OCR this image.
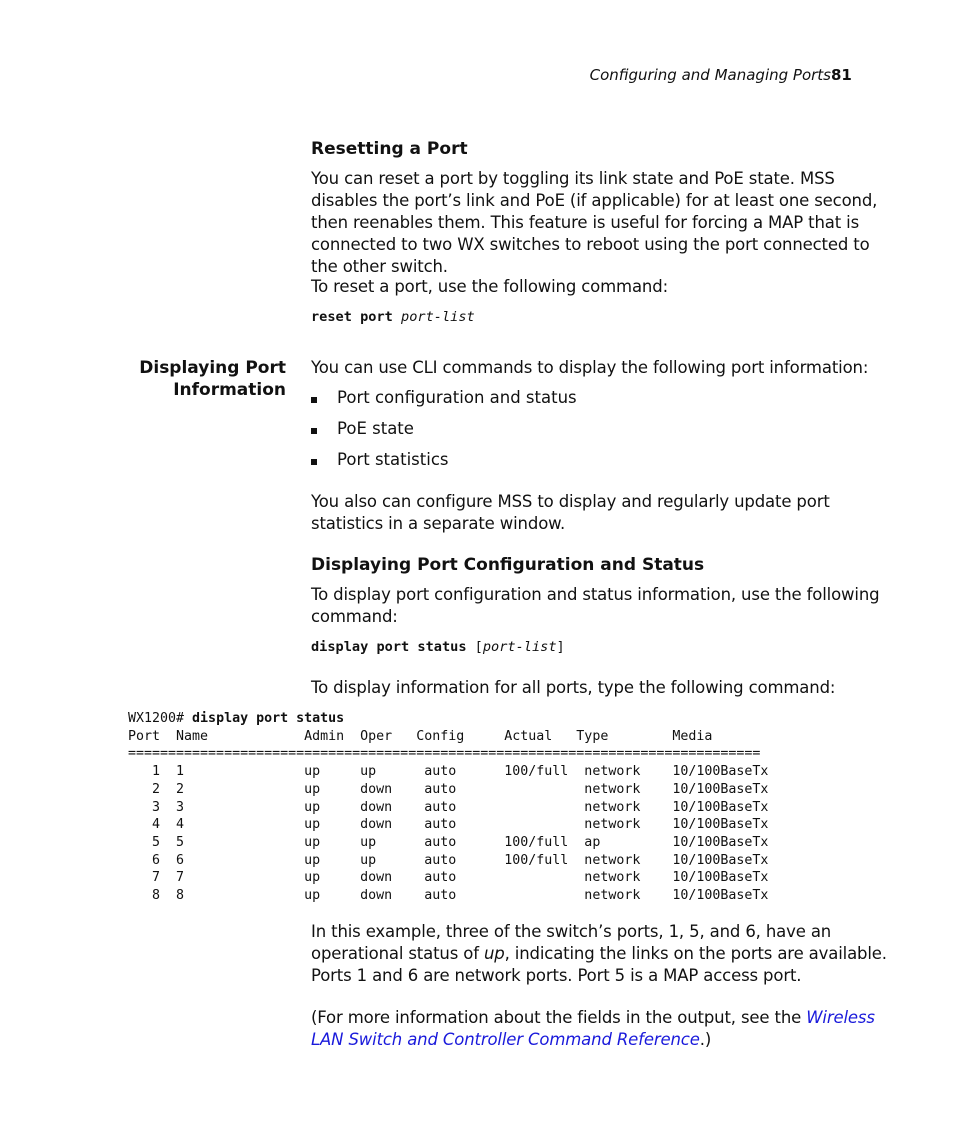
Configuring and Managing Ports 81
Resetting a Port
You can reset a port by toggling its link state and PoE state. MSS disables the port’s link and PoE (if applicable) for at least one second, then reenables them. This feature is useful for forcing a MAP that is connected to two WX switches to reboot using the port connected to the other switch.
To reset a port, use the following command:
reset port port-list
Displaying Port
Information
You can use CLI commands to display the following port information:
Port configuration and status
PoE state
Port statistics
You also can configure MSS to display and regularly update port statistics in a separate window.
Displaying Port Configuration and Status
To display port configuration and status information, use the following command:
display port status [port-list]
To display information for all ports, type the following command:
WX1200# display port status
Port  Name            Admin  Oper   Config     Actual   Type        Media
===============================================================================
1  1               up     up      auto      100/full  network    10/100BaseTx
2  2               up     down    auto                network    10/100BaseTx
3  3               up     down    auto                network    10/100BaseTx
4  4               up     down    auto                network    10/100BaseTx
5  5               up     up      auto      100/full  ap         10/100BaseTx
6  6               up     up      auto      100/full  network    10/100BaseTx
7  7               up     down    auto                network    10/100BaseTx
8  8               up     down    auto                network    10/100BaseTx
In this example, three of the switch’s ports, 1, 5, and 6, have an operational status of up, indicating the links on the ports are available. Ports 1 and 6 are network ports. Port 5 is a MAP access port.
(For more information about the fields in the output, see the Wireless LAN Switch and Controller Command Reference.)
